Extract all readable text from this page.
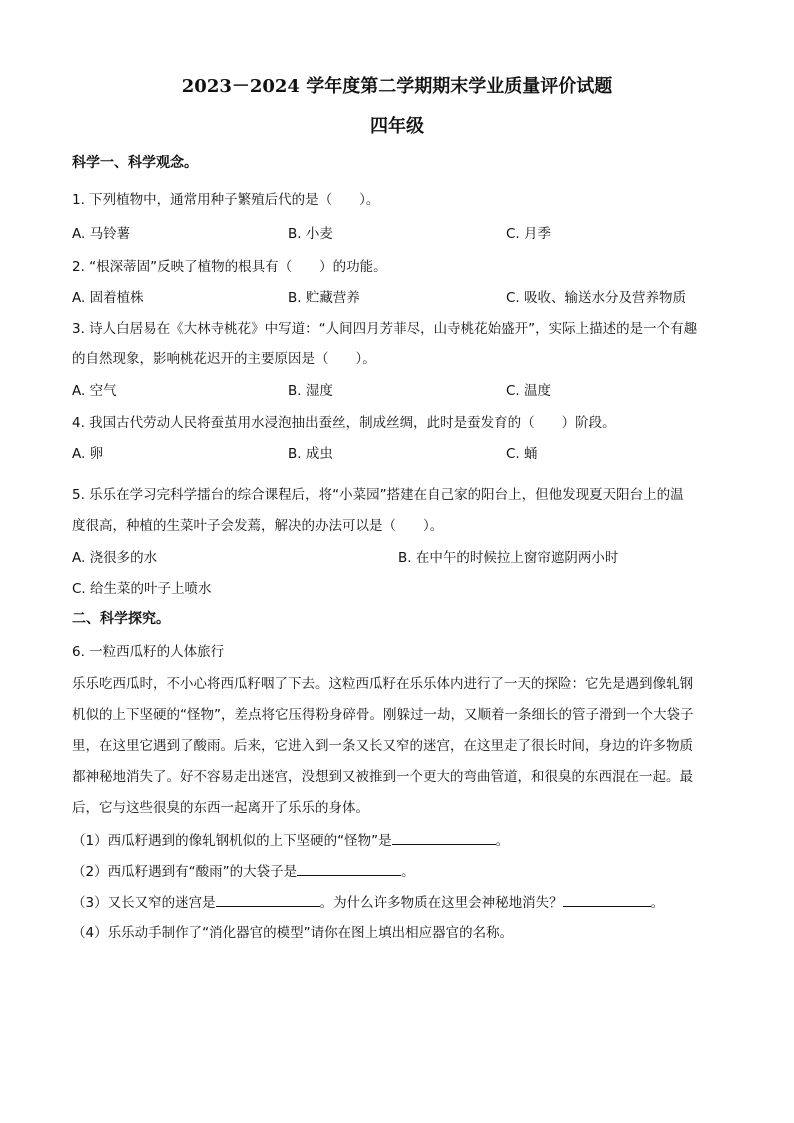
2023－2024 学年度第二学期期末学业质量评价试题
四年级
科学一、科学观念。
1. 下列植物中，通常用种子繁殖后代的是（　　）。
A. 马铃薯	B. 小麦	C. 月季
2. “根深蒂固”反映了植物的根具有（　　）的功能。
A. 固着植株	B. 贮藏营养	C. 吸收、输送水分及营养物质
3. 诗人白居易在《大林寺桃花》中写道：“人间四月芳菲尽，山寺桃花始盛开”，实际上描述的是一个有趣
的自然现象，影响桃花迟开的主要原因是（　　）。
A. 空气	B. 湿度	C. 温度
4. 我国古代劳动人民将蚕茧用水浸泡抽出蚕丝，制成丝绸，此时是蚕发育的（　　）阶段。
A. 卵	B. 成虫	C. 蛹
5. 乐乐在学习完科学擂台的综合课程后，将“小菜园”搭建在自己家的阳台上，但他发现夏天阳台上的温
度很高，种植的生菜叶子会发蔫，解决的办法可以是（　　）。
A. 浇很多的水	B. 在中午的时候拉上窗帘遮阴两小时
C. 给生菜的叶子上喷水
二、科学探究。
6. 一粒西瓜籽的人体旅行
乐乐吃西瓜时，不小心将西瓜籽咽了下去。这粒西瓜籽在乐乐体内进行了一天的探险：它先是遇到像轧钢
机似的上下坚硬的“怪物”，差点将它压得粉身碎骨。刚躲过一劫，又顺着一条细长的管子滑到一个大袋子
里，在这里它遇到了酸雨。后来，它进入到一条又长又窄的迷宫，在这里走了很长时间，身边的许多物质
都神秘地消失了。好不容易走出迷宫，没想到又被推到一个更大的弯曲管道，和很臭的东西混在一起。最
后，它与这些很臭的东西一起离开了乐乐的身体。
（1）西瓜籽遇到的像轧钢机似的上下坚硬的“怪物”是	。
（2）西瓜籽遇到有“酸雨”的大袋子是	。
（3）又长又窄的迷宫是	。为什么许多物质在这里会神秘地消失？	。
（4）乐乐动手制作了“消化器官的模型”请你在图上填出相应器官的名称。
